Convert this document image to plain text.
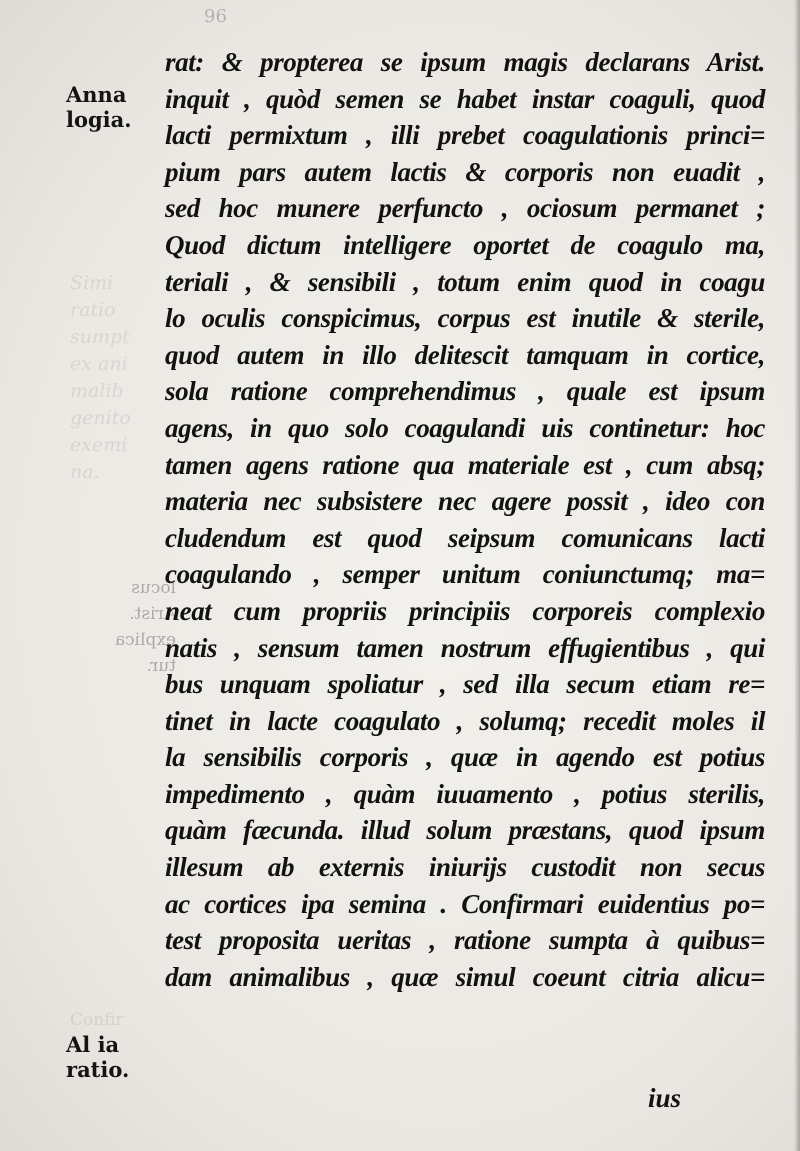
Simi
ratio
sumpt
ex ani
malib
genito
exemi
na.
locus
Arist.
explica
tur.
Confir
96
Anna
logia.
Al ia
ratio.
rat: & propterea se ipsum magis declarans Arist.
inquit , quòd semen se habet instar coaguli, quod
lacti permixtum , illi prebet coagulationis princi=
pium pars autem lactis & corporis non euadit ,
sed hoc munere perfuncto , ociosum permanet ;
Quod dictum intelligere oportet de coagulo ma,
teriali , & sensibili , totum enim quod in coagu
lo oculis conspicimus, corpus est inutile & sterile,
quod autem in illo delitescit tamquam in cortice,
sola ratione comprehendimus , quale est ipsum
agens, in quo solo coagulandi uis continetur: hoc
tamen agens ratione qua materiale est , cum absq;
materia nec subsistere nec agere possit , ideo con
cludendum est quod seipsum comunicans lacti
coagulando , semper unitum coniunctumq; ma=
neat cum propriis principiis corporeis complexio
natis , sensum tamen nostrum effugientibus , qui
bus unquam spoliatur , sed illa secum etiam re=
tinet in lacte coagulato , solumq; recedit moles il
la sensibilis corporis , quæ in agendo est potius
impedimento , quàm iuuamento , potius sterilis,
quàm fæcunda. illud solum præstans, quod ipsum
illesum ab externis iniurijs custodit non secus
ac cortices ipa semina . Confirmari euidentius po=
test proposita ueritas , ratione sumpta à quibus=
dam animalibus , quæ simul coeunt citria alicu=
ius
